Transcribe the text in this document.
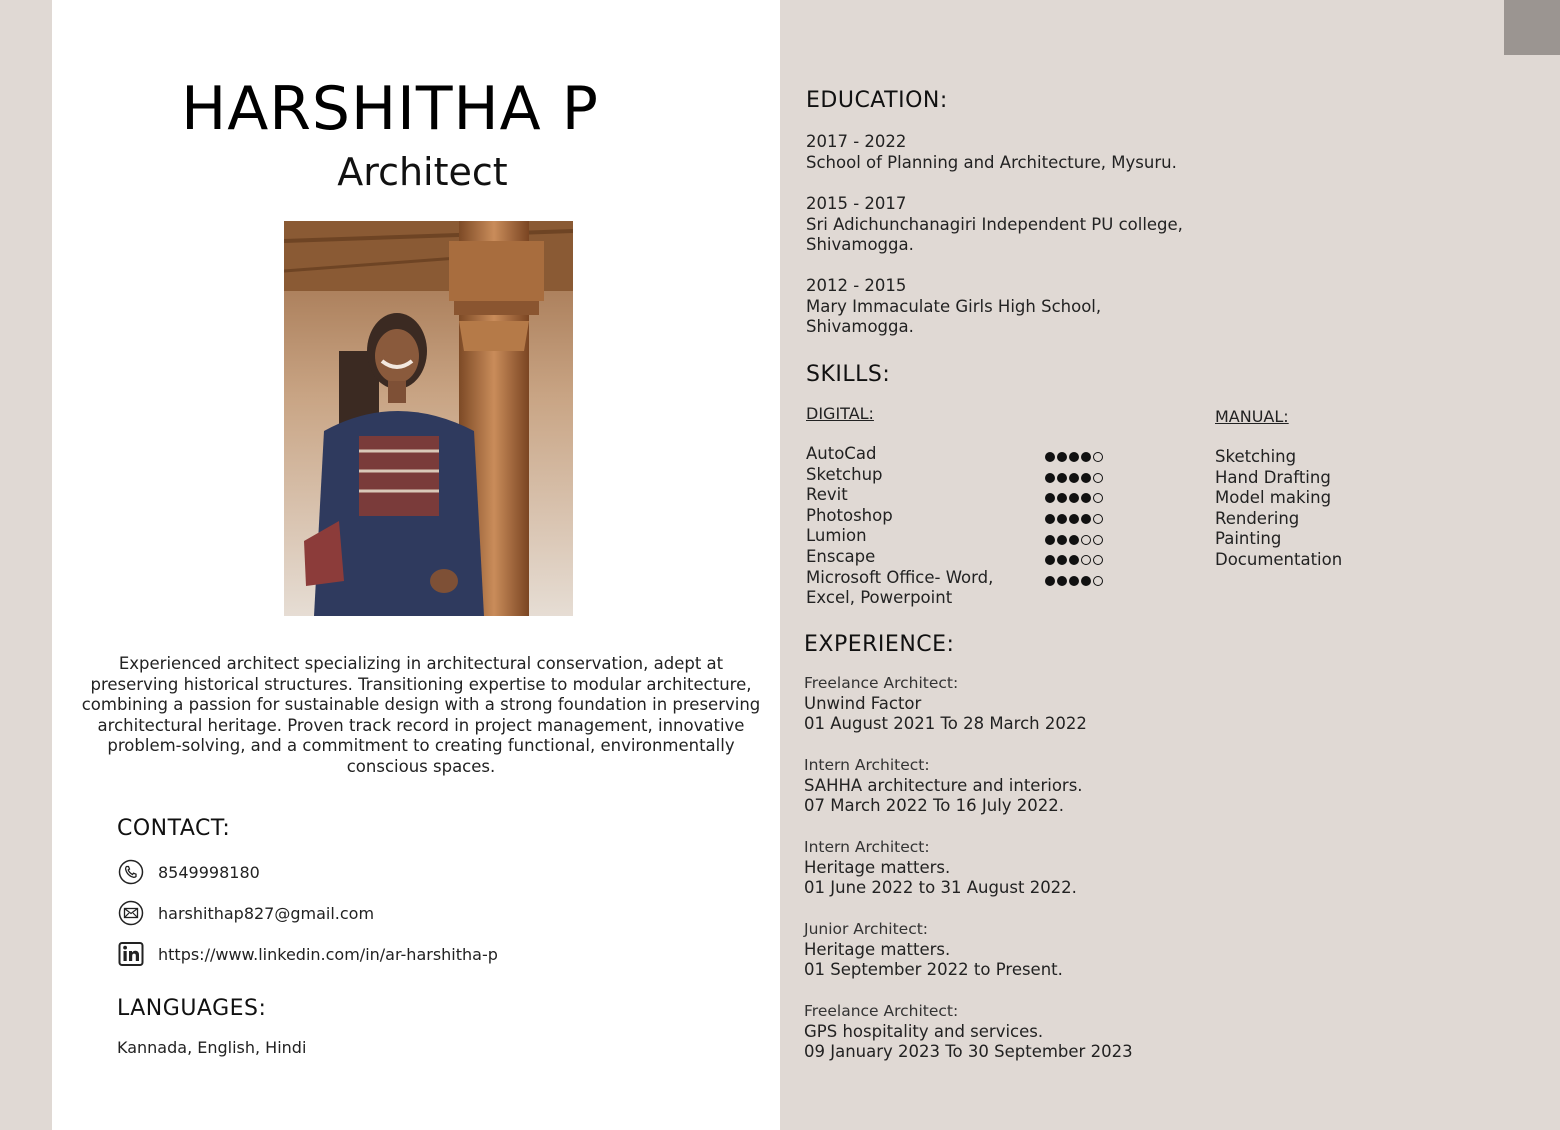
HARSHITHA P
Architect
Experienced architect specializing in architectural conservation, adept at preserving historical structures. Transitioning expertise to modular architecture, combining a passion for sustainable design with a strong foundation in preserving architectural heritage. Proven track record in project management, innovative problem-solving, and a commitment to creating functional, environmentally conscious spaces.
CONTACT:
8549998180
harshithap827@gmail.com
https://www.linkedin.com/in/ar-harshitha-p
LANGUAGES:
Kannada, English, Hindi
EDUCATION:
2017 - 2022
School of Planning and Architecture, Mysuru.
2015 - 2017
Sri Adichunchanagiri Independent PU college,
Shivamogga.
2012 - 2015
Mary Immaculate Girls High School,
Shivamogga.
SKILLS:
DIGITAL:	MANUAL:
AutoCad
Sketchup
Revit
Photoshop
Lumion
Enscape
Microsoft Office- Word,
Excel, Powerpoint
Sketching
Hand Drafting
Model making
Rendering
Painting
Documentation
EXPERIENCE:
Freelance Architect:
Unwind Factor
01 August 2021 To 28 March 2022
Intern Architect:
SAHHA architecture and interiors.
07 March 2022 To 16 July 2022.
Intern Architect:
Heritage matters.
01 June 2022 to 31 August 2022.
Junior Architect:
Heritage matters.
01 September 2022 to Present.
Freelance Architect:
GPS hospitality and services.
09 January 2023 To 30 September 2023
